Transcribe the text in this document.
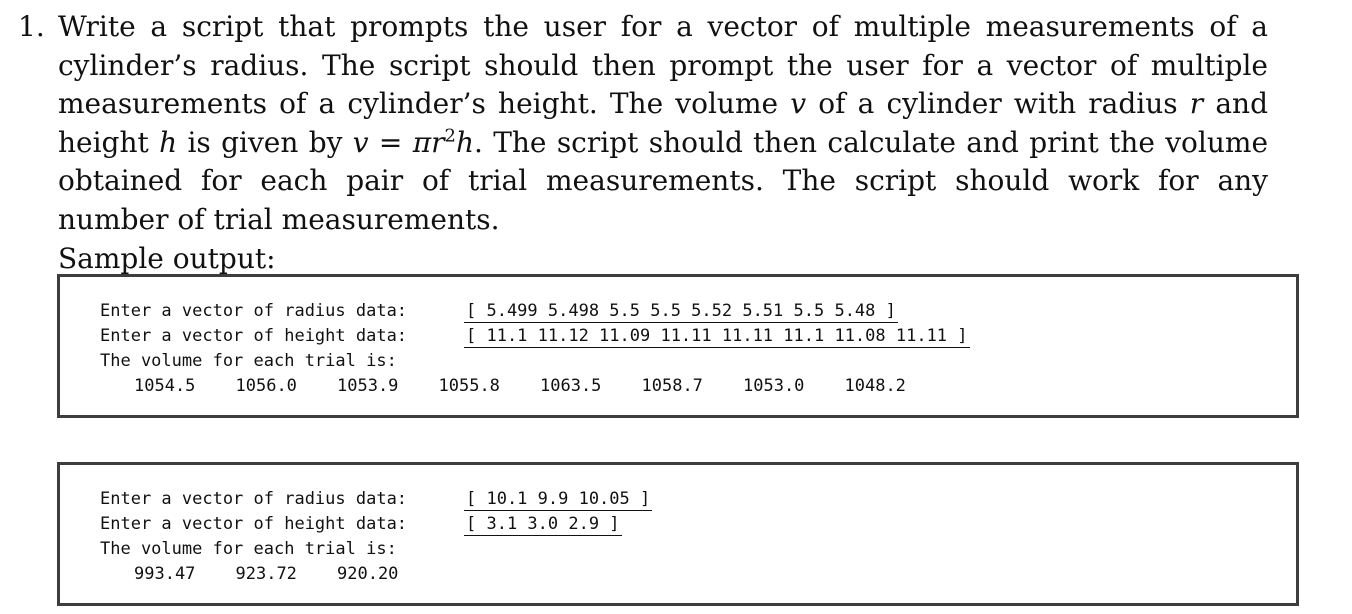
1. Write a script that prompts the user for a vector of multiple measurements of a cylinder’s radius. The script should then prompt the user for a vector of multiple measurements of a cylinder’s height. The volume v of a cylinder with radius r and height h is given by $v = \pi r^2h$. The script should then calculate and print the volume obtained for each pair of trial measurements. The script should work for any number of trial measurements.
Sample output:
Enter a vector of radius data:	[ 5.499 5.498 5.5 5.5 5.52 5.51 5.5 5.48 ]
Enter a vector of height data:	[ 11.1 11.12 11.09 11.11 11.11 11.1 11.08 11.11 ]
The volume for each trial is:
1054.5 1056.0 1053.9 1055.8 1063.5 1058.7 1053.0 1048.2
Enter a vector of radius data:	[ 10.1 9.9 10.05 ]
Enter a vector of height data:	[ 3.1 3.0 2.9 ]
The volume for each trial is:
993.47 923.72 920.20
